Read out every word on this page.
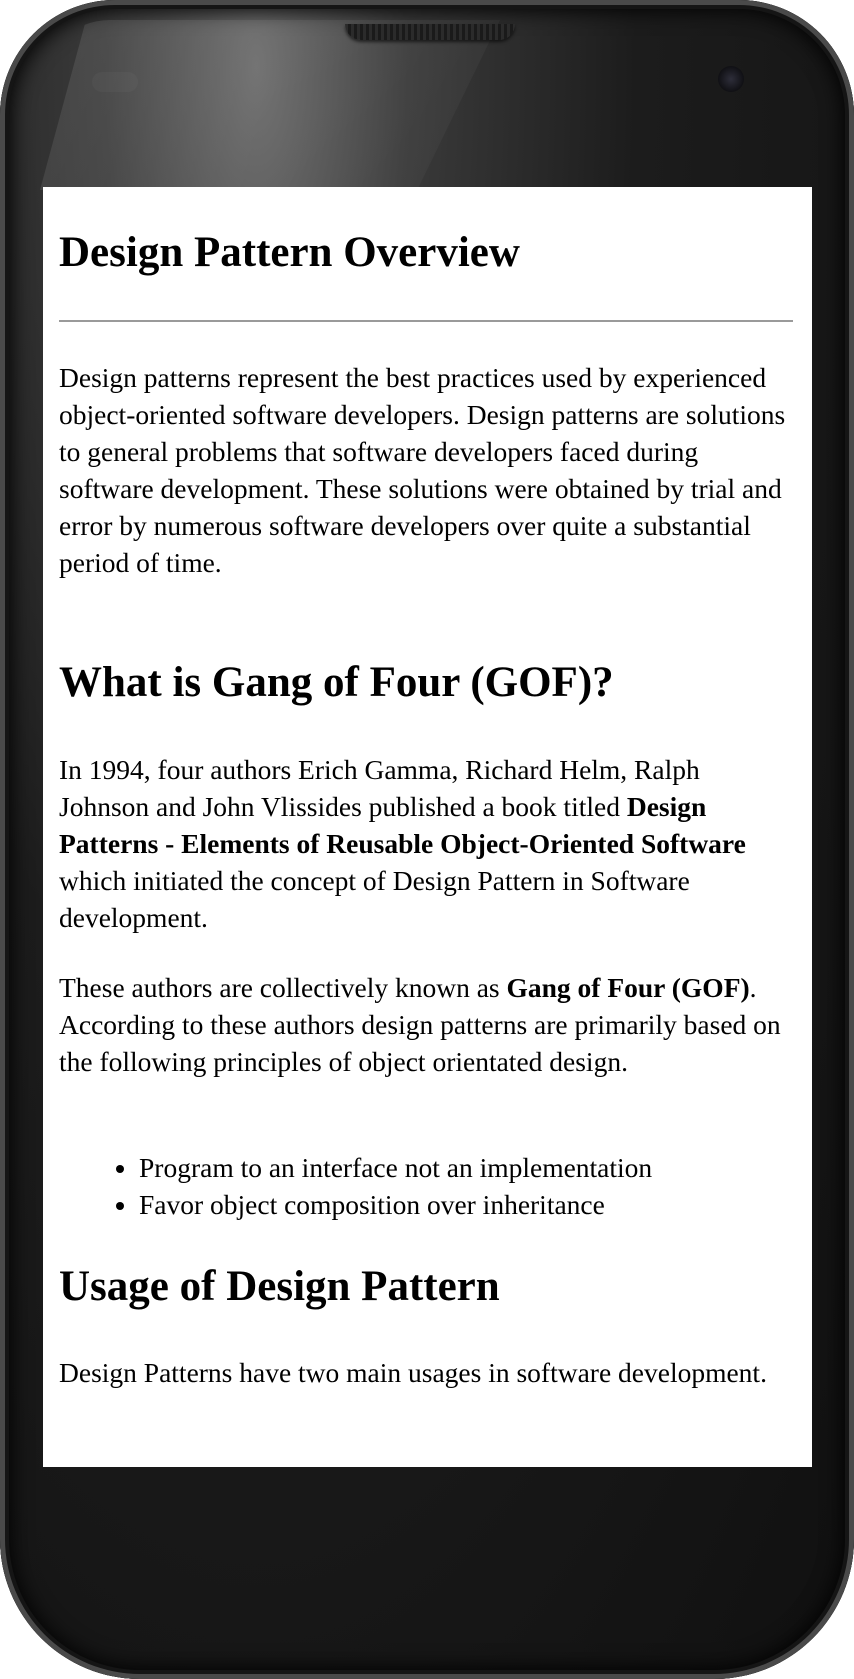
Design Pattern Overview

Design patterns represent the best practices used by experienced object-oriented software developers. Design patterns are solutions to general problems that software developers faced during software development. These solutions were obtained by trial and error by numerous software developers over quite a substantial period of time.

What is Gang of Four (GOF)?

In 1994, four authors Erich Gamma, Richard Helm, Ralph Johnson and John Vlissides published a book titled Design Patterns - Elements of Reusable Object-Oriented Software which initiated the concept of Design Pattern in Software development.

These authors are collectively known as Gang of Four (GOF). According to these authors design patterns are primarily based on the following principles of object orientated design.

• Program to an interface not an implementation
• Favor object composition over inheritance
Usage of Design Pattern

Design Patterns have two main usages in software development.
